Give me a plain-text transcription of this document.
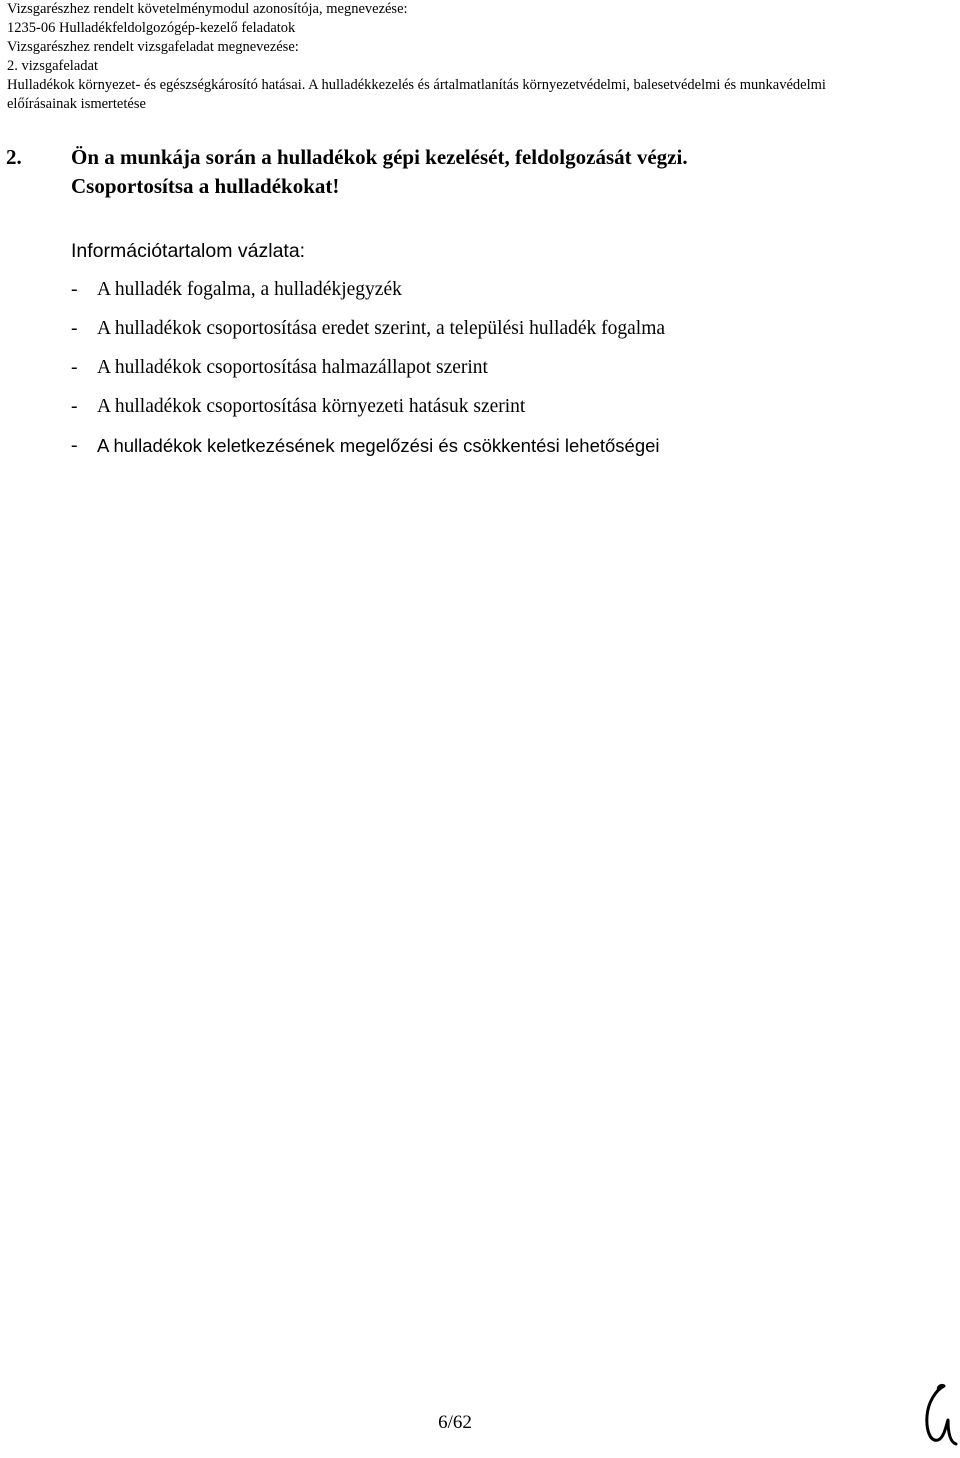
Vizsgarészhez rendelt követelménymodul azonosítója, megnevezése:
1235-06 Hulladékfeldolgozógép-kezelő feladatok
Vizsgarészhez rendelt vizsgafeladat megnevezése:
2. vizsgafeladat
Hulladékok környezet- és egészségkárosító hatásai. A hulladékkezelés és ártalmatlanítás környezetvédelmi, balesetvédelmi és munkavédelmi
előírásainak ismertetése
2. Ön a munkája során a hulladékok gépi kezelését, feldolgozását végzi.
Csoportosítsa a hulladékokat!
Információtartalom vázlata:
-	A hulladék fogalma, a hulladékjegyzék
-	A hulladékok csoportosítása eredet szerint, a települési hulladék fogalma
-	A hulladékok csoportosítása halmazállapot szerint
-	A hulladékok csoportosítása környezeti hatásuk szerint
-	A hulladékok keletkezésének megelőzési és csökkentési lehetőségei
6/62
